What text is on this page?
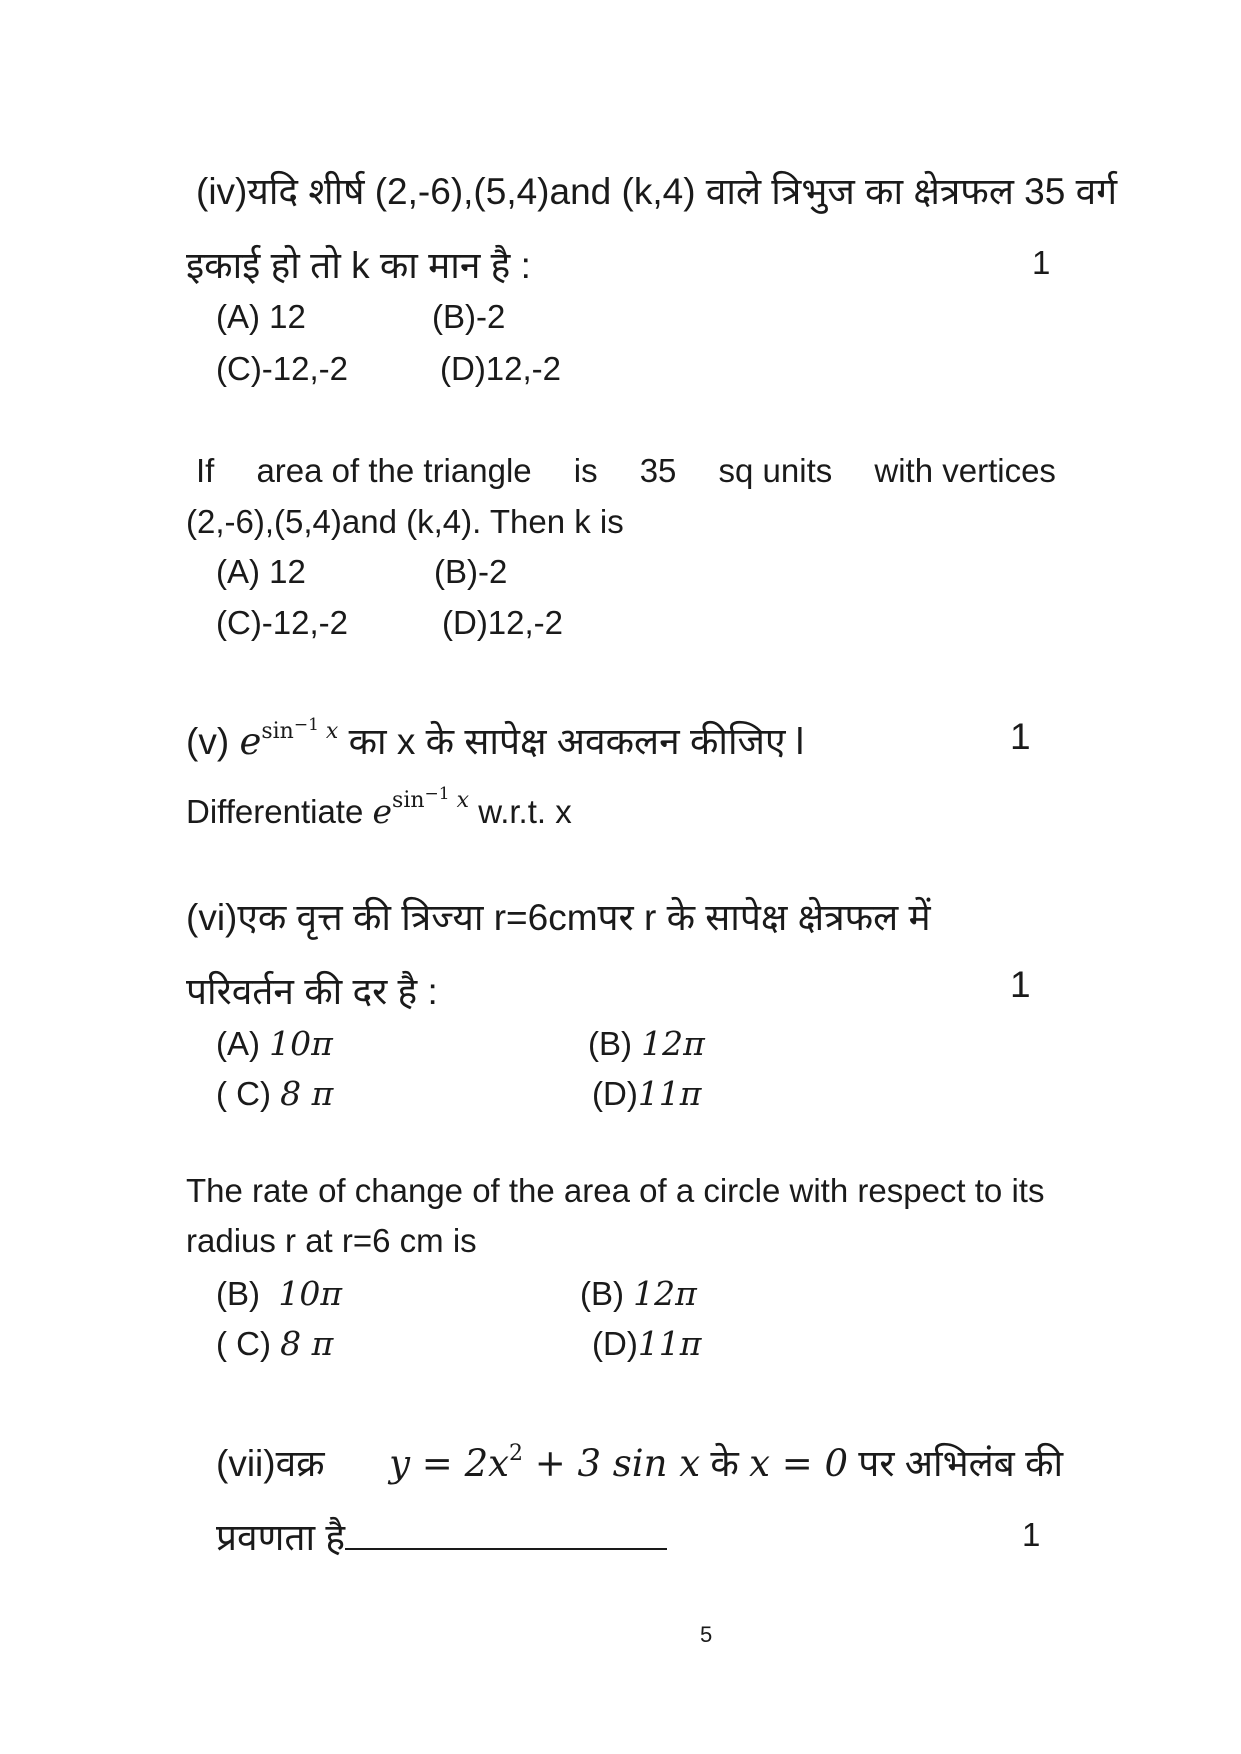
(iv)यदि शीर्ष (2,-6),(5,4)and (k,4) वाले त्रिभुज का क्षेत्रफल 35 वर्ग
इकाई हो तो k का मान है :	1
(A) 12	(B)-2
(C)-12,-2	(D)12,-2
If area of the triangle is 35 sq units with vertices
(2,-6),(5,4)and (k,4). Then k is
(A) 12	(B)-2
(C)-12,-2	(D)12,-2
(v) $e^{sin^{-1} x}$ का x के सापेक्ष अवकलन कीजिए l	1
Differentiate $e^{sin^{-1} x}$ w.r.t. x
(vi)एक वृत्त की त्रिज्या r=6cmपर r के सापेक्ष क्षेत्रफल में
परिवर्तन की दर है :	1
(A) 10π	(B) 12π
( C) 8 π	(D)11π
The rate of change of the area of a circle with respect to its
radius r at r=6 cm is
(B) 10π	(B) 12π
( C) 8 π	(D)11π
(vii)वक्र $y = 2x^2 + 3$ sin x के x = 0 पर अभिलंब की
प्रवणता है	1
5
